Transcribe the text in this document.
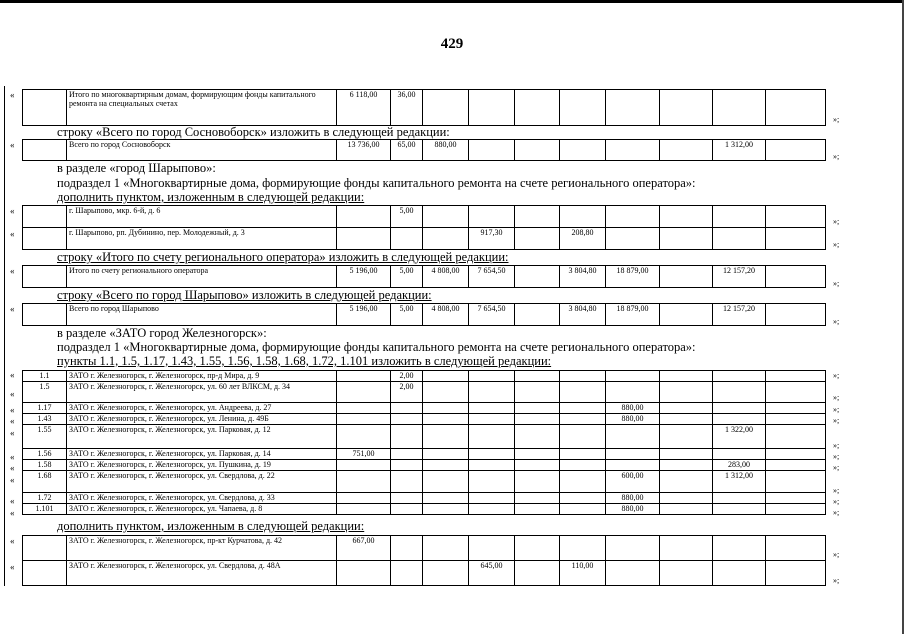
429
«
		Итого по многоквартирным домам, формирующим фонды капитального ремонта на специальных счетах	6 118,00	36,00								
»;
строку «Всего по город Сосновоборск» изложить в следующей редакции:
«
		Всего по город Сосновоборск	13 736,00	65,00	880,00						1 312,00	
»;
в разделе «город Шарыпово»:
подраздел 1 «Многоквартирные дома, формирующие фонды капитального ремонта на счете регионального оператора»:
дополнить пунктом, изложенным в следующей редакции:
«
«
	г. Шарыпово, мкр. 6-й, д. 6		5,00								
	г. Шарыпово, рп. Дубинино, пер. Молодежный, д. 3				917,30		208,80				
»;
»;
строку «Итого по счету регионального оператора» изложить в следующей редакции:
«
		Итого по счету регионального оператора	5 196,00	5,00	4 808,00	7 654,50		3 804,80	18 879,00		12 157,20	
»;
строку «Всего по город Шарыпово» изложить в следующей редакции:
«
		Всего по город Шарыпово	5 196,00	5,00	4 808,00	7 654,50		3 804,80	18 879,00		12 157,20	
»;
в разделе «ЗАТО город Железногорск»:
подраздел 1 «Многоквартирные дома, формирующие фонды капитального ремонта на счете регионального оператора»:
пункты 1.1, 1.5, 1.17, 1.43, 1.55, 1.56, 1.58, 1.68, 1.72, 1.101 изложить в следующей редакции:
«
«
«
«
«
«
«
«
«
«
1.1	ЗАТО г. Железногорск, г. Железногорск, пр-д Мира, д. 9		2,00								
1.5	ЗАТО г. Железногорск, г. Железногорск, ул. 60 лет ВЛКСМ, д. 34		2,00								
1.17	ЗАТО г. Железногорск, г. Железногорск, ул. Андреева, д. 27							880,00			
1.43	ЗАТО г. Железногорск, г. Железногорск, ул. Ленина, д. 49Б							880,00			
1.55	ЗАТО г. Железногорск, г. Железногорск, ул. Парковая, д. 12									1 322,00	
1.56	ЗАТО г. Железногорск, г. Железногорск, ул. Парковая, д. 14	751,00									
1.58	ЗАТО г. Железногорск, г. Железногорск, ул. Пушкина, д. 19									283,00	
1.68	ЗАТО г. Железногорск, г. Железногорск, ул. Свердлова, д. 22							600,00		1 312,00	
1.72	ЗАТО г. Железногорск, г. Железногорск, ул. Свердлова, д. 33							880,00			
1.101	ЗАТО г. Железногорск, г. Железногорск, ул. Чапаева, д. 8							880,00			
»;
»;
»;
»;
»;
»;
»;
»;
»;
»;
дополнить пунктом, изложенным в следующей редакции:
«
«
	ЗАТО г. Железногорск, г. Железногорск, пр-кт Курчатова, д. 42	667,00									
	ЗАТО г. Железногорск, г. Железногорск, ул. Свердлова, д. 48А				645,00		110,00				
»;
»;
